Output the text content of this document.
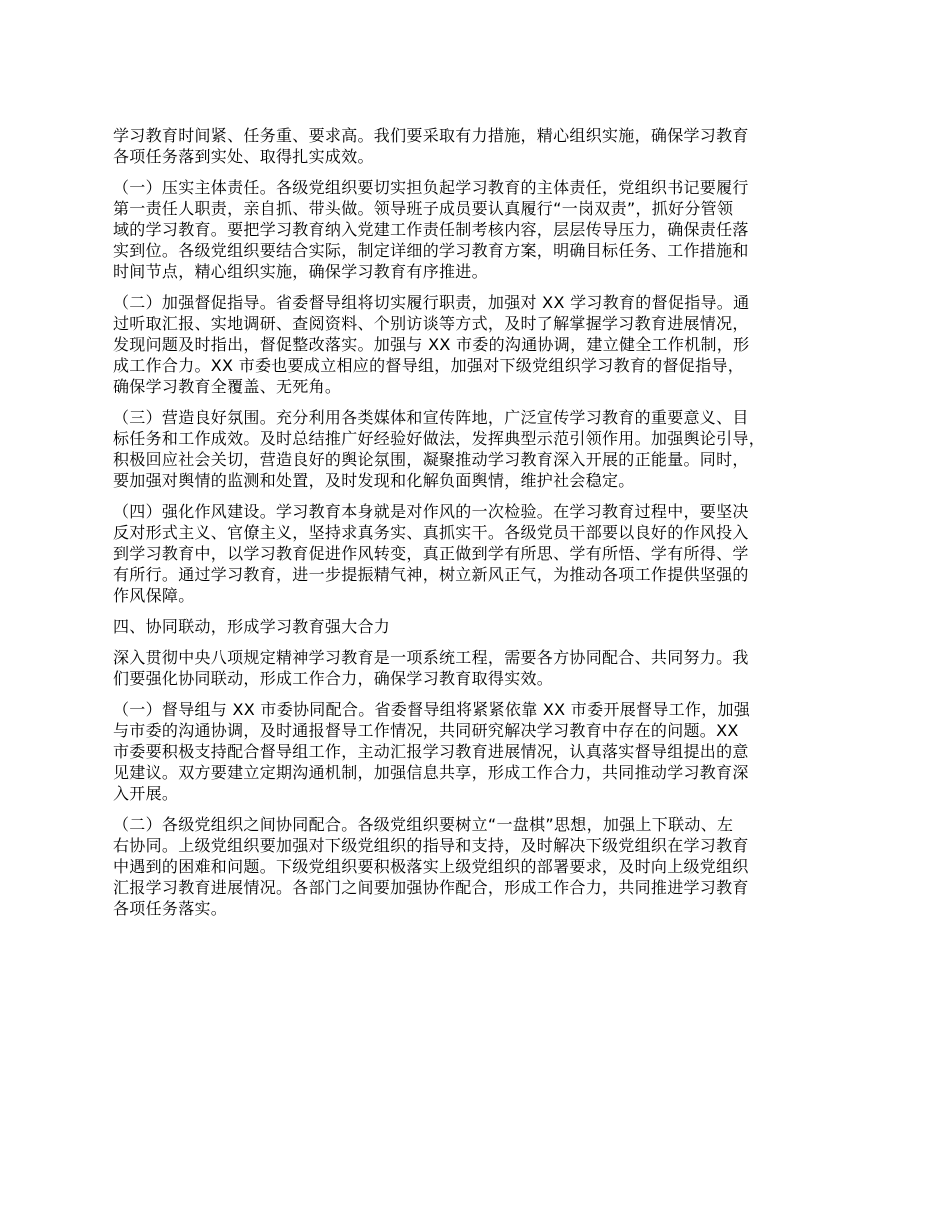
学习教育时间紧、任务重、要求高。我们要采取有力措施，精心组织实施，确保学习教育
各项任务落到实处、取得扎实成效。

（一）压实主体责任。各级党组织要切实担负起学习教育的主体责任，党组织书记要履行
第一责任人职责，亲自抓、带头做。领导班子成员要认真履行“一岗双责”，抓好分管领
域的学习教育。要把学习教育纳入党建工作责任制考核内容，层层传导压力，确保责任落
实到位。各级党组织要结合实际，制定详细的学习教育方案，明确目标任务、工作措施和
时间节点，精心组织实施，确保学习教育有序推进。

（二）加强督促指导。省委督导组将切实履行职责，加强对 XX 学习教育的督促指导。通
过听取汇报、实地调研、查阅资料、个别访谈等方式，及时了解掌握学习教育进展情况，
发现问题及时指出，督促整改落实。加强与 XX 市委的沟通协调，建立健全工作机制，形
成工作合力。XX 市委也要成立相应的督导组，加强对下级党组织学习教育的督促指导，
确保学习教育全覆盖、无死角。

（三）营造良好氛围。充分利用各类媒体和宣传阵地，广泛宣传学习教育的重要意义、目
标任务和工作成效。及时总结推广好经验好做法，发挥典型示范引领作用。加强舆论引导，
积极回应社会关切，营造良好的舆论氛围，凝聚推动学习教育深入开展的正能量。同时，
要加强对舆情的监测和处置，及时发现和化解负面舆情，维护社会稳定。

（四）强化作风建设。学习教育本身就是对作风的一次检验。在学习教育过程中，要坚决
反对形式主义、官僚主义，坚持求真务实、真抓实干。各级党员干部要以良好的作风投入
到学习教育中，以学习教育促进作风转变，真正做到学有所思、学有所悟、学有所得、学
有所行。通过学习教育，进一步提振精气神，树立新风正气，为推动各项工作提供坚强的
作风保障。

四、协同联动，形成学习教育强大合力

深入贯彻中央八项规定精神学习教育是一项系统工程，需要各方协同配合、共同努力。我
们要强化协同联动，形成工作合力，确保学习教育取得实效。

（一）督导组与 XX 市委协同配合。省委督导组将紧紧依靠 XX 市委开展督导工作，加强
与市委的沟通协调，及时通报督导工作情况，共同研究解决学习教育中存在的问题。XX
市委要积极支持配合督导组工作，主动汇报学习教育进展情况，认真落实督导组提出的意
见建议。双方要建立定期沟通机制，加强信息共享，形成工作合力，共同推动学习教育深
入开展。

（二）各级党组织之间协同配合。各级党组织要树立“一盘棋”思想，加强上下联动、左
右协同。上级党组织要加强对下级党组织的指导和支持，及时解决下级党组织在学习教育
中遇到的困难和问题。下级党组织要积极落实上级党组织的部署要求，及时向上级党组织
汇报学习教育进展情况。各部门之间要加强协作配合，形成工作合力，共同推进学习教育
各项任务落实。
